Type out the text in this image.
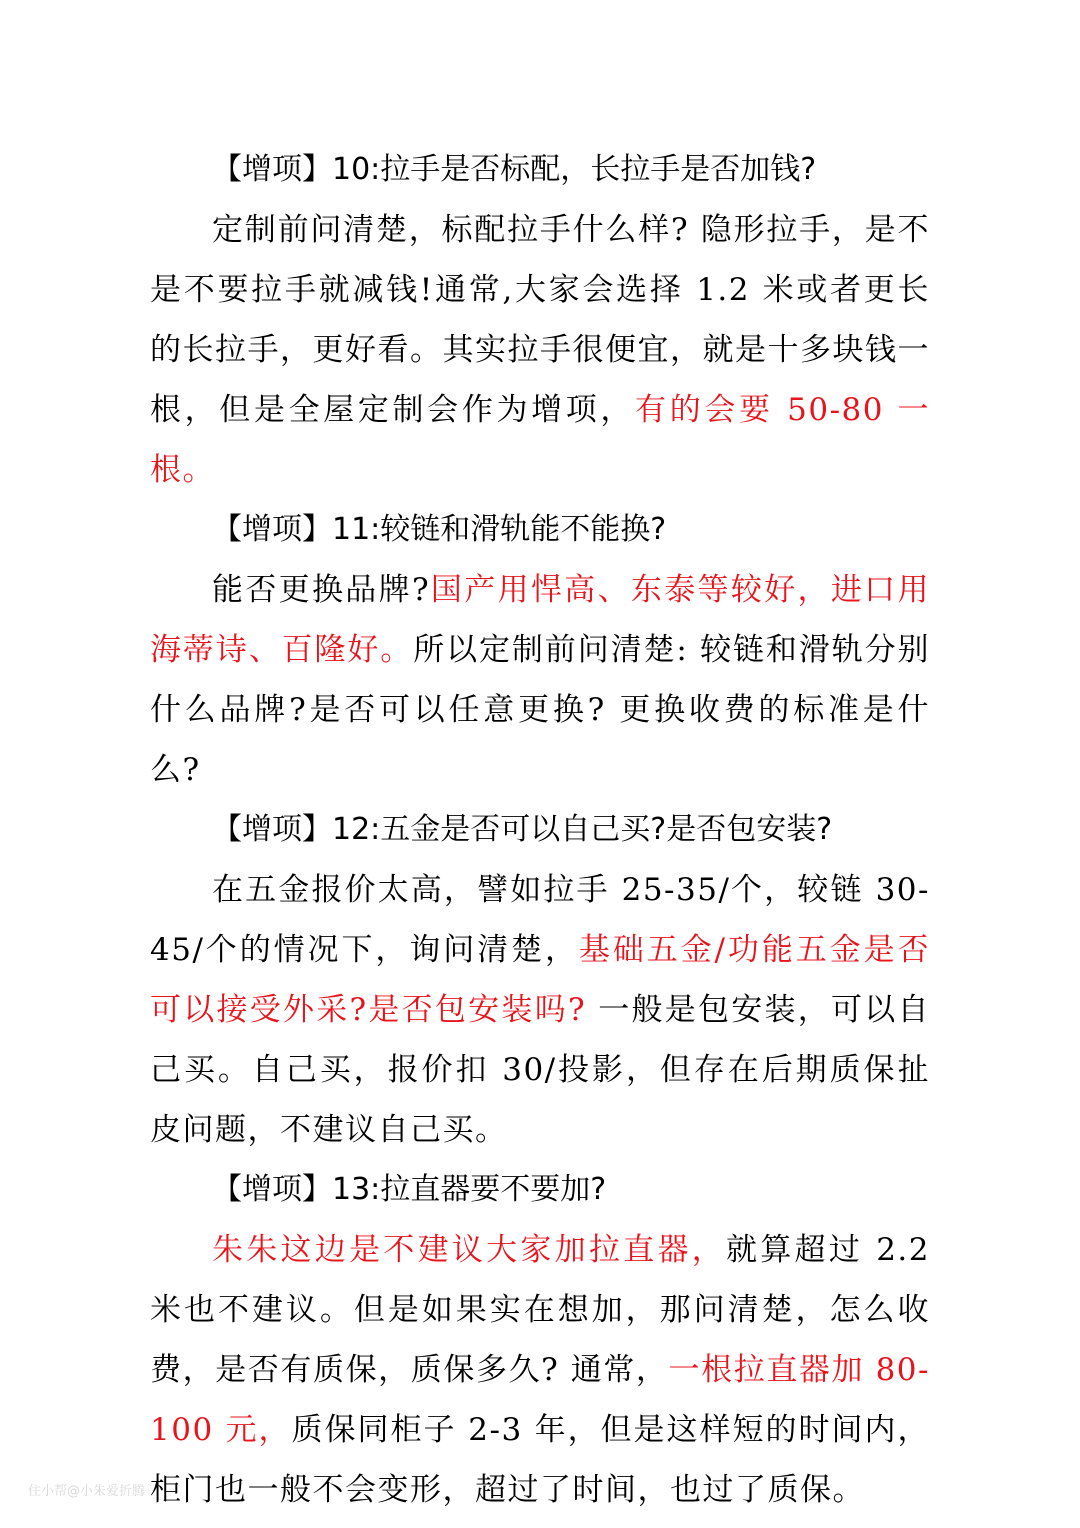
【增项】10:拉手是否标配，长拉手是否加钱?

定制前问清楚，标配拉手什么样? 隐形拉手，是不是不要拉手就减钱!通常,大家会选择 1.2 米或者更长的长拉手，更好看。其实拉手很便宜，就是十多块钱一根，但是全屋定制会作为增项，有的会要 50-80 一根。

【增项】11:较链和滑轨能不能换?

能否更换品牌?国产用悍高、东泰等较好，进口用海蒂诗、百隆好。所以定制前问清楚: 较链和滑轨分别什么品牌?是否可以任意更换? 更换收费的标准是什么?

【增项】12:五金是否可以自己买?是否包安装?

在五金报价太高，譬如拉手 25-35/个，较链 30-45/个的情况下，询问清楚，基础五金/功能五金是否可以接受外采?是否包安装吗? 一般是包安装，可以自己买。自己买，报价扣 30/投影，但存在后期质保扯皮问题，不建议自己买。

【增项】13:拉直器要不要加?

朱朱这边是不建议大家加拉直器，就算超过 2.2 米也不建议。但是如果实在想加，那问清楚，怎么收费，是否有质保，质保多久? 通常，一根拉直器加 80-100 元，质保同柜子 2-3 年，但是这样短的时间内，柜门也一般不会变形，超过了时间，也过了质保。

住小帮@小朱爱折腾
